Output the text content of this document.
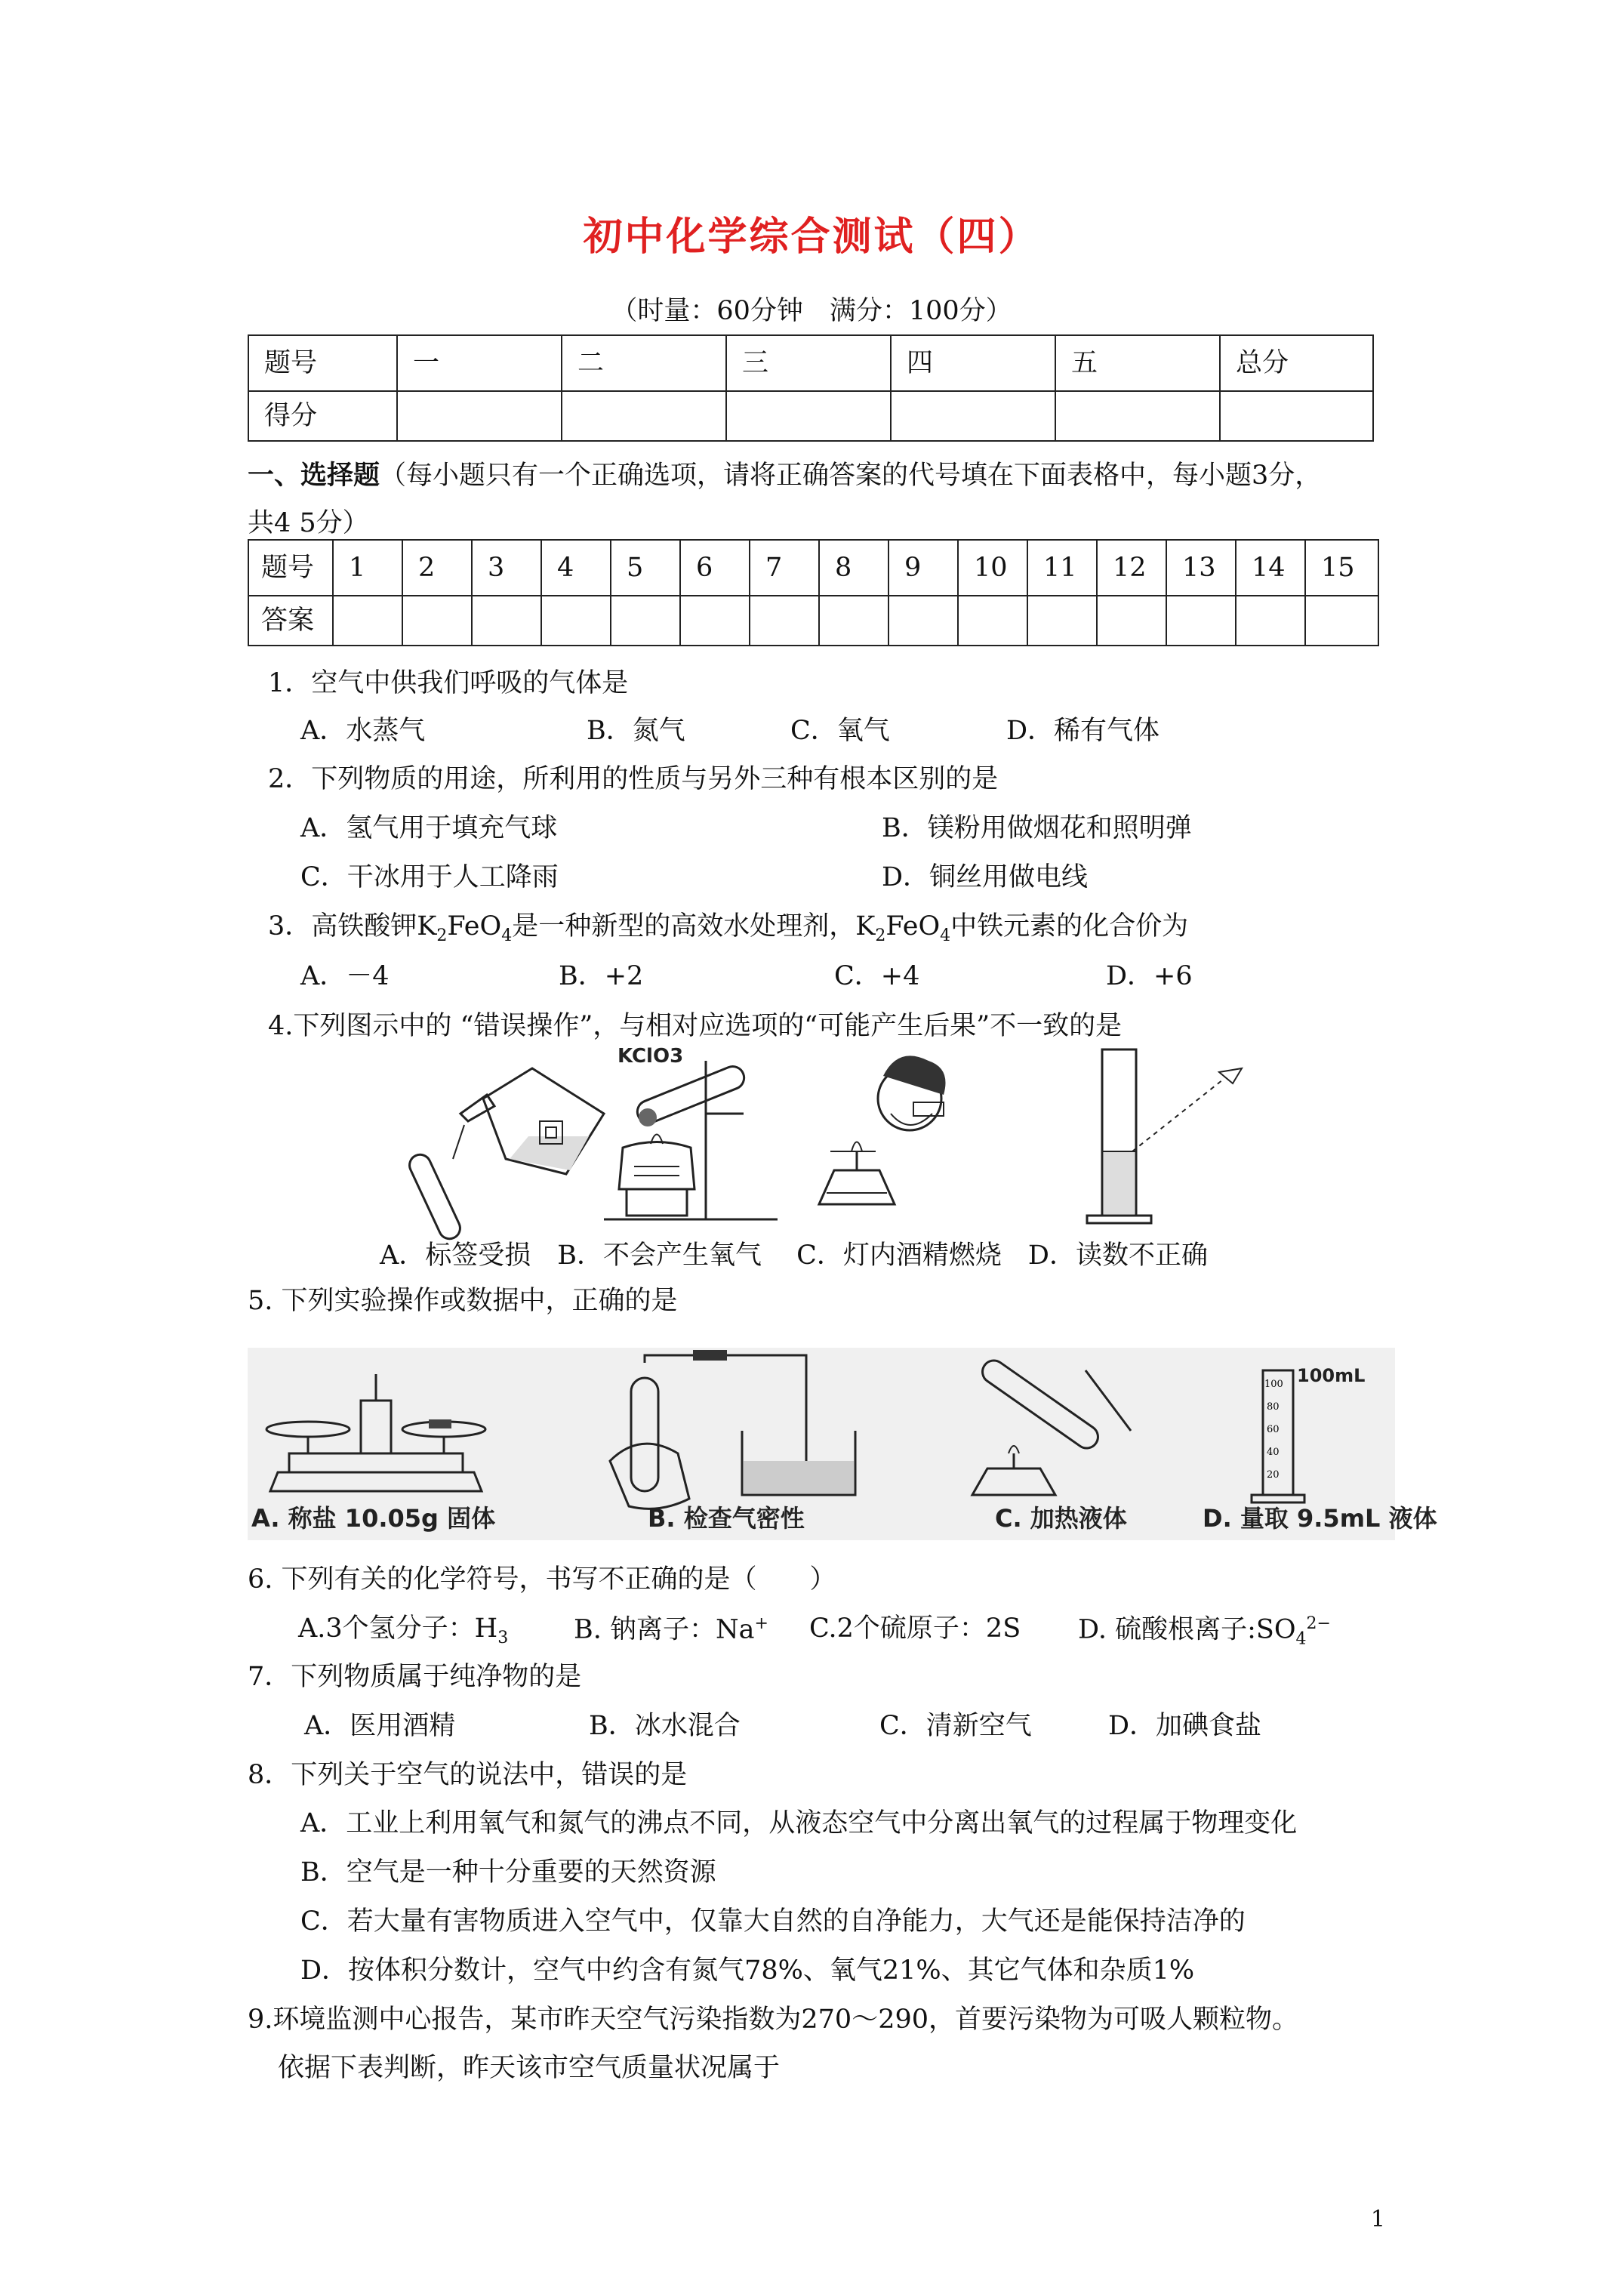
初中化学综合测试（四）
（时量：60分钟　满分：100分）
题号	一	二	三	四	五	总分
得分						
一、选择题（每小题只有一个正确选项，请将正确答案的代号填在下面表格中，每小题3分，
共4 5分）
题号	1	2	3	4	5	6	7	8	9	10	11	12	13	14	15
答案															
1．空气中供我们呼吸的气体是
A．水蒸气	B．氮气	C．氧气	D．稀有气体
2．下列物质的用途，所利用的性质与另外三种有根本区别的是
A．氢气用于填充气球	B．镁粉用做烟花和照明弹
C．干冰用于人工降雨	D．铜丝用做电线
3．高铁酸钾$K_2FeO_4$是一种新型的高效水处理剂，$K_2FeO_4$中铁元素的化合价为
A．－4	B．+2	C．+4	D．+6
4.下列图示中的 “错误操作”，与相对应选项的“可能产生后果”不一致的是
KClO3
A．标签受损　B．不会产生氧气　 C．灯内酒精燃烧　D．读数不正确
5. 下列实验操作或数据中，正确的是
A. 称盐 10.05g 固体	B. 检查气密性	C. 加热液体
100mL
100
80
60
40
20
D. 量取 9.5mL 液体
6. 下列有关的化学符号，书写不正确的是（　　）
A.3个氢分子：$H_3$ B. 钠离子：Na+ C.2个硫原子：2S D. 硫酸根离子$:SO_4^{2-}$
7．下列物质属于纯净物的是
A．医用酒精	B．冰水混合	C．清新空气	D．加碘食盐
8．下列关于空气的说法中，错误的是
A．工业上利用氧气和氮气的沸点不同，从液态空气中分离出氧气的过程属于物理变化
B．空气是一种十分重要的天然资源
C．若大量有害物质进入空气中，仅靠大自然的自净能力，大气还是能保持洁净的
D．按体积分数计，空气中约含有氮气78%、氧气21%、其它气体和杂质1%
9.环境监测中心报告，某市昨天空气污染指数为270～290，首要污染物为可吸人颗粒物。
依据下表判断，昨天该市空气质量状况属于
1
